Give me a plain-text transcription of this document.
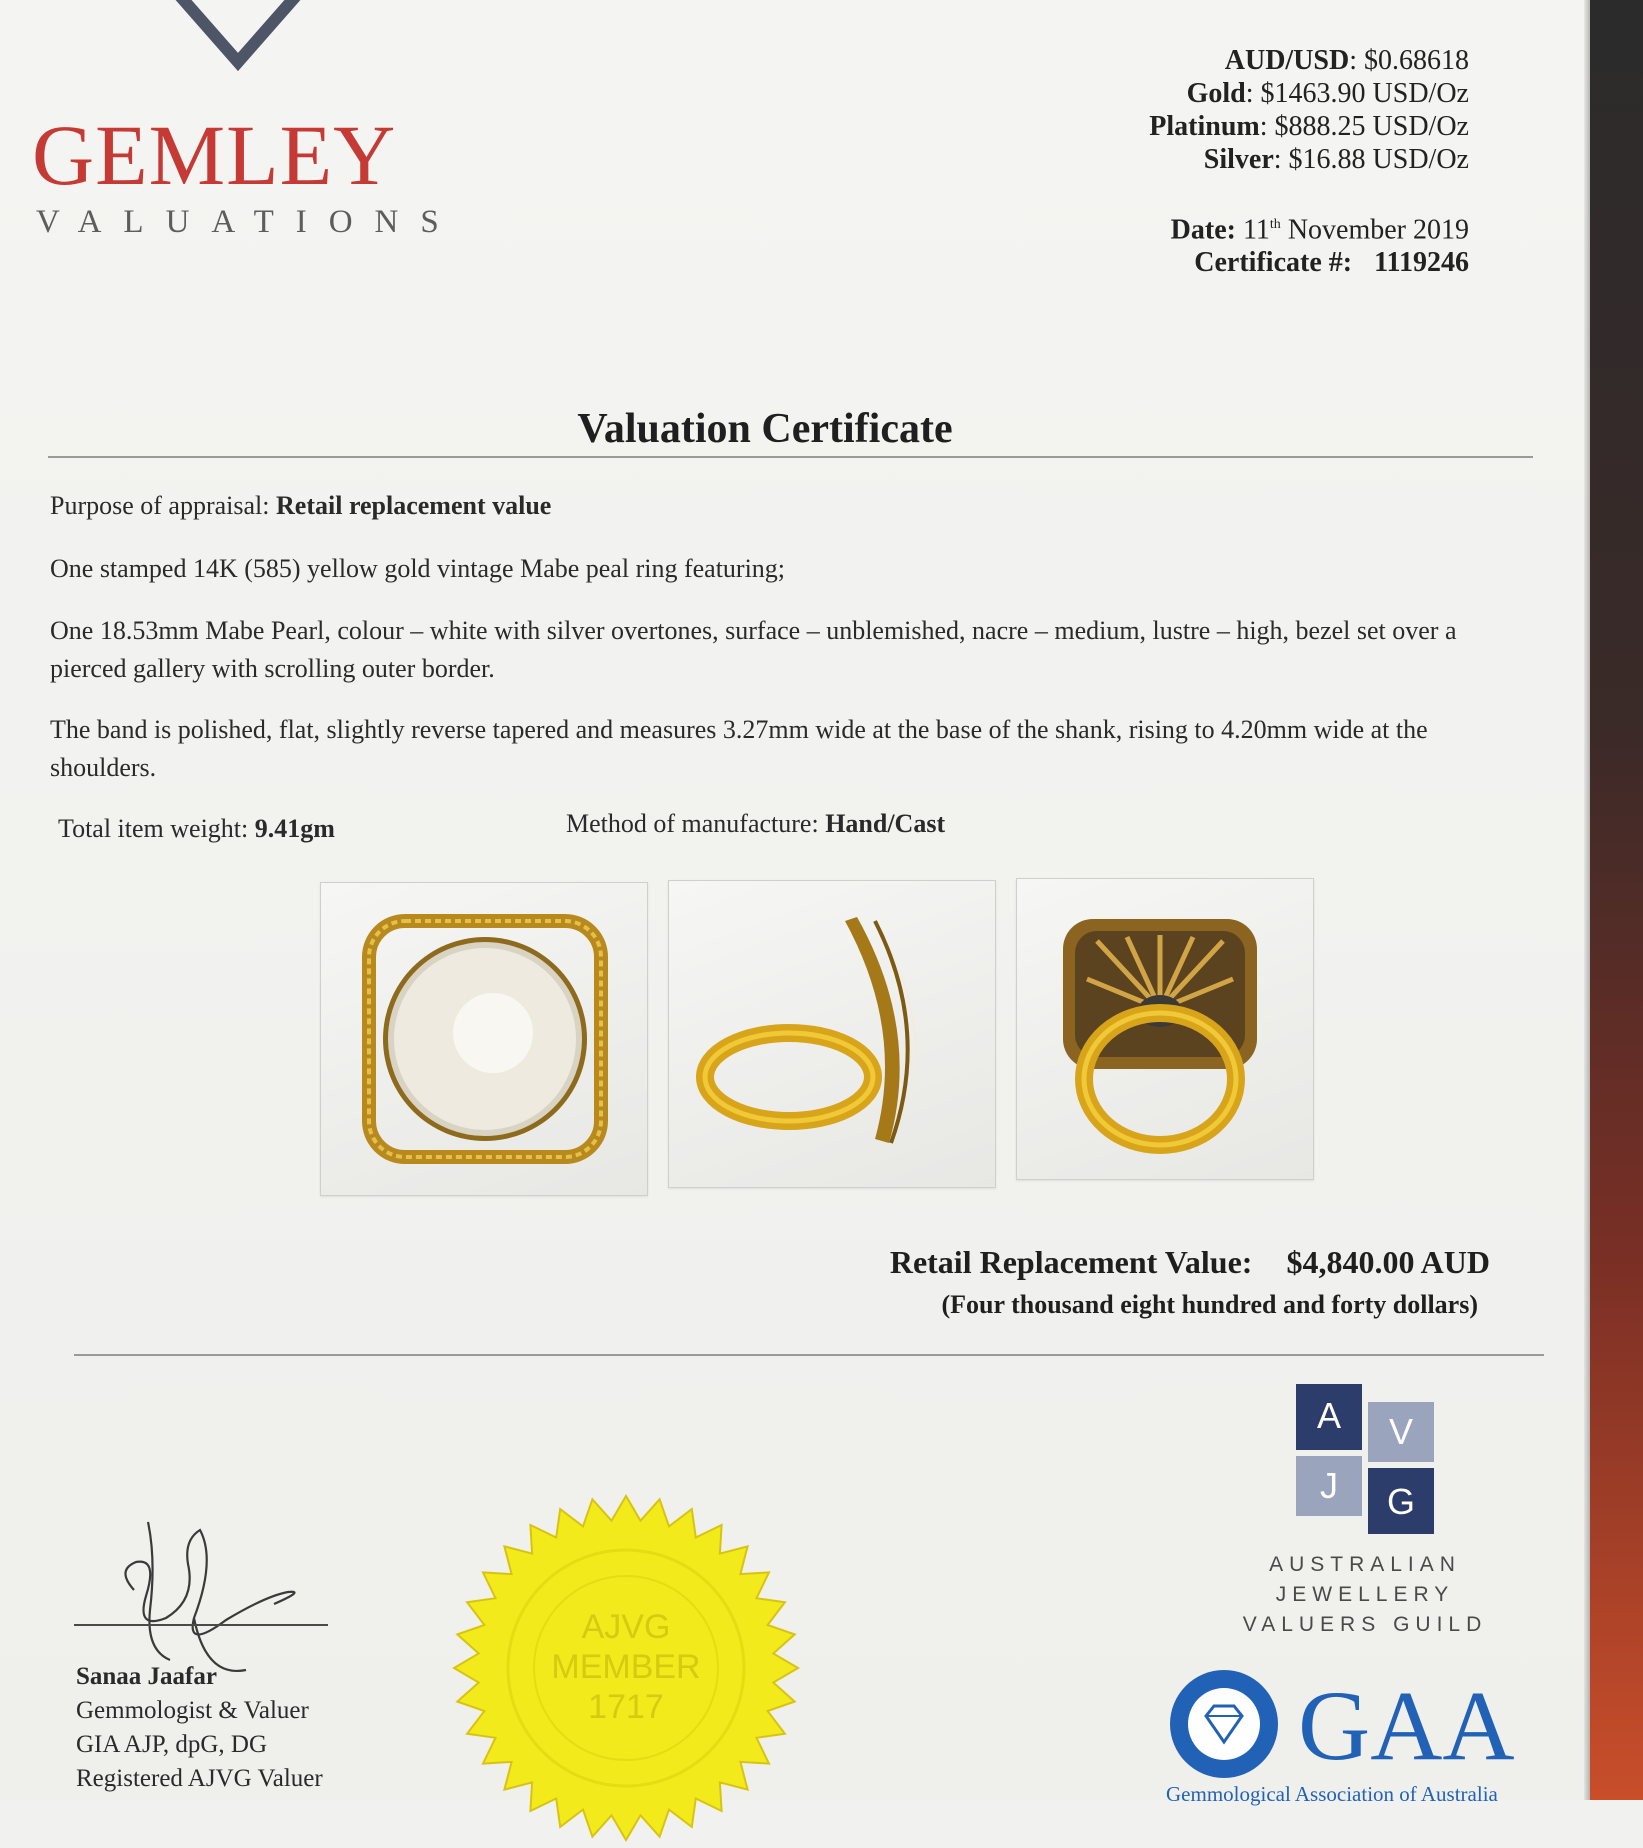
GEMLEY
VALUATIONS
AUD/USD: $0.68618
Gold: $1463.90 USD/Oz
Platinum: $888.25 USD/Oz
Silver: $16.88 USD/Oz
Date: 11th November 2019
Certificate #: 1119246
Valuation Certificate
Purpose of appraisal: Retail replacement value
One stamped 14K (585) yellow gold vintage Mabe peal ring featuring;
One 18.53mm Mabe Pearl, colour – white with silver overtones, surface – unblemished, nacre – medium, lustre – high, bezel set over a pierced gallery with scrolling outer border.
The band is polished, flat, slightly reverse tapered and measures 3.27mm wide at the base of the shank, rising to 4.20mm wide at the shoulders.
Total item weight: 9.41gm	Method of manufacture: Hand/Cast
Retail Replacement Value: $4,840.00 AUD
(Four thousand eight hundred and forty dollars)
A V
J G
AUSTRALIAN JEWELLERY
VALUERS GUILD
GAA
Gemmological Association of Australia
Sanaa Jaafar
Gemmologist & Valuer
GIA AJP, dpG, DG
Registered AJVG Valuer
AJVG
MEMBER
1717
